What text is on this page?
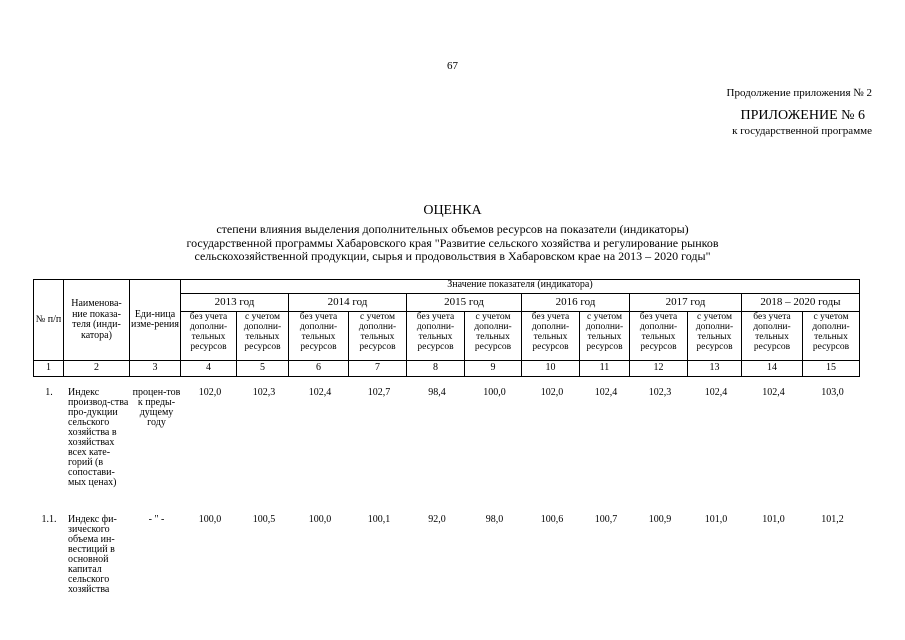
67
Продолжение приложения № 2
ПРИЛОЖЕНИЕ № 6
к государственной программе
ОЦЕНКА
степени влияния выделения дополнительных объемов ресурсов на показатели (индикаторы)
государственной программы Хабаровского края "Развитие сельского хозяйства и регулирование рынков
сельскохозяйственной продукции, сырья и продовольствия в Хабаровском крае на 2013 – 2020 годы"
№ п/п	Наименова-ние показа-теля (инди-катора)	Еди-ница изме-рения	Значение показателя (индикатора)											
			2013 год		2014 год		2015 год		2016 год		2017 год		2018 – 2020 годы	
			без учета дополни-тельных ресурсов	с учетом дополни-тельных ресурсов	без учета дополни-тельных ресурсов	с учетом дополни-тельных ресурсов	без учета дополни-тельных ресурсов	с учетом дополни-тельных ресурсов	без учета дополни-тельных ресурсов	с учетом дополни-тельных ресурсов	без учета дополни-тельных ресурсов	с учетом дополни-тельных ресурсов	без учета дополни-тельных ресурсов	с учетом дополни-тельных ресурсов
1	2	3	4	5	6	7	8	9	10	11	12	13	14	15
1.	Индекс производ-ства про-дукции сельского хозяйства в хозяйствах всех кате-горий (в сопостави-мых ценах)	процен-тов к преды-дущему году	102,0	102,3	102,4	102,7	98,4	100,0	102,0	102,4	102,3	102,4	102,4	103,0
1.1.	Индекс фи-зического объема ин-вестиций в основной капитал сельского хозяйства	- " -	100,0	100,5	100,0	100,1	92,0	98,0	100,6	100,7	100,9	101,0	101,0	101,2
